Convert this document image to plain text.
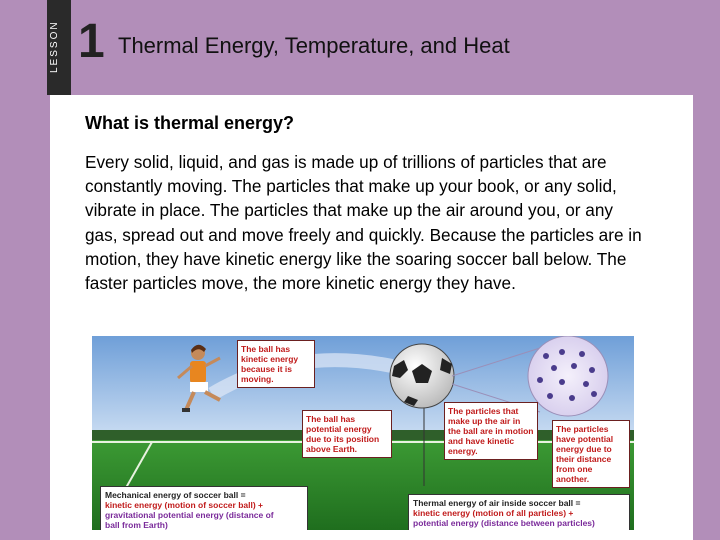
LESSON 1 Thermal Energy, Temperature, and Heat
What is thermal energy?
Every solid, liquid, and gas is made up of trillions of particles that are constantly moving. The particles that make up your book, or any solid, vibrate in place. The particles that make up the air around you, or any gas, spread out and move freely and quickly. Because the particles are in motion, they have kinetic energy like the soaring soccer ball below. The faster particles move, the more kinetic energy they have.
The ball has kinetic energy because it is moving.
The ball has potential energy due to its position above Earth.
The particles that make up the air in the ball are in motion and have kinetic energy.
The particles have potential energy due to their distance from one another.
Mechanical energy of soccer ball =
kinetic energy (motion of soccer ball) +
gravitational potential energy (distance of
ball from Earth)
Thermal energy of air inside soccer ball =
kinetic energy (motion of all particles) +
potential energy (distance between particles)
